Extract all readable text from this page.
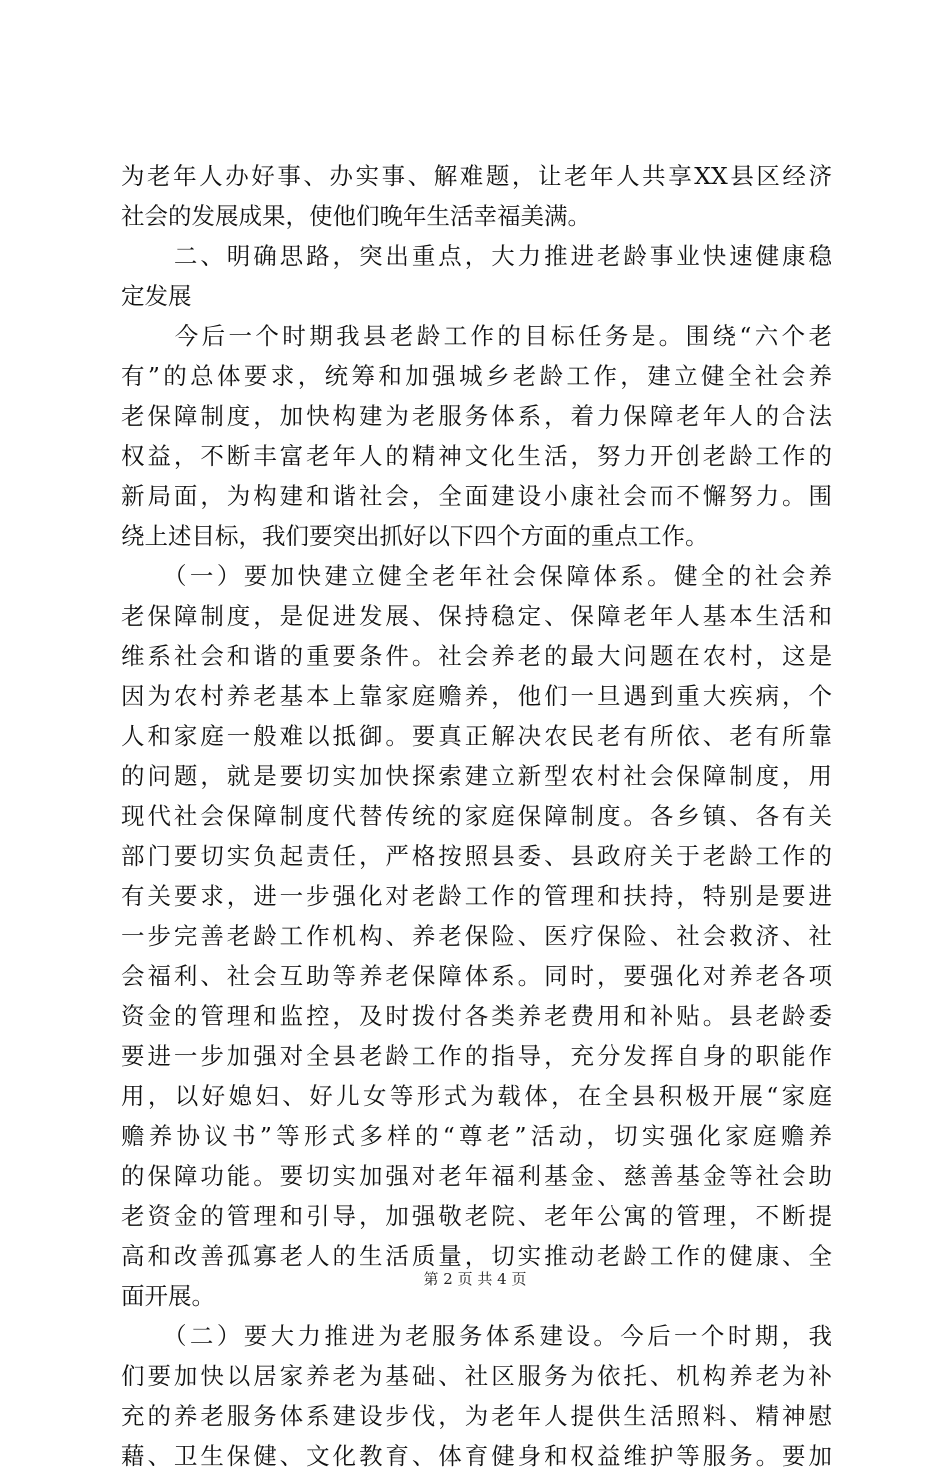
为老年人办好事、办实事、解难题，让老年人共享XX县区经济
社会的发展成果，使他们晚年生活幸福美满。
　　二、明确思路，突出重点，大力推进老龄事业快速健康稳
定发展
　　今后一个时期我县老龄工作的目标任务是。围绕“六个老
有”的总体要求，统筹和加强城乡老龄工作，建立健全社会养
老保障制度，加快构建为老服务体系，着力保障老年人的合法
权益，不断丰富老年人的精神文化生活，努力开创老龄工作的
新局面，为构建和谐社会，全面建设小康社会而不懈努力。围
绕上述目标，我们要突出抓好以下四个方面的重点工作。
　　（一）要加快建立健全老年社会保障体系。健全的社会养
老保障制度，是促进发展、保持稳定、保障老年人基本生活和
维系社会和谐的重要条件。社会养老的最大问题在农村，这是
因为农村养老基本上靠家庭赡养，他们一旦遇到重大疾病，个
人和家庭一般难以抵御。要真正解决农民老有所依、老有所靠
的问题，就是要切实加快探索建立新型农村社会保障制度，用
现代社会保障制度代替传统的家庭保障制度。各乡镇、各有关
部门要切实负起责任，严格按照县委、县政府关于老龄工作的
有关要求，进一步强化对老龄工作的管理和扶持，特别是要进
一步完善老龄工作机构、养老保险、医疗保险、社会救济、社
会福利、社会互助等养老保障体系。同时，要强化对养老各项
资金的管理和监控，及时拨付各类养老费用和补贴。县老龄委
要进一步加强对全县老龄工作的指导，充分发挥自身的职能作
用，以好媳妇、好儿女等形式为载体，在全县积极开展“家庭
赡养协议书”等形式多样的“尊老”活动，切实强化家庭赡养
的保障功能。要切实加强对老年福利基金、慈善基金等社会助
老资金的管理和引导，加强敬老院、老年公寓的管理，不断提
高和改善孤寡老人的生活质量，切实推动老龄工作的健康、全
面开展。
　　（二）要大力推进为老服务体系建设。今后一个时期，我
们要加快以居家养老为基础、社区服务为依托、机构养老为补
充的养老服务体系建设步伐，为老年人提供生活照料、精神慰
藉、卫生保健、文化教育、体育健身和权益维护等服务。要加
第 2 页 共 4 页
